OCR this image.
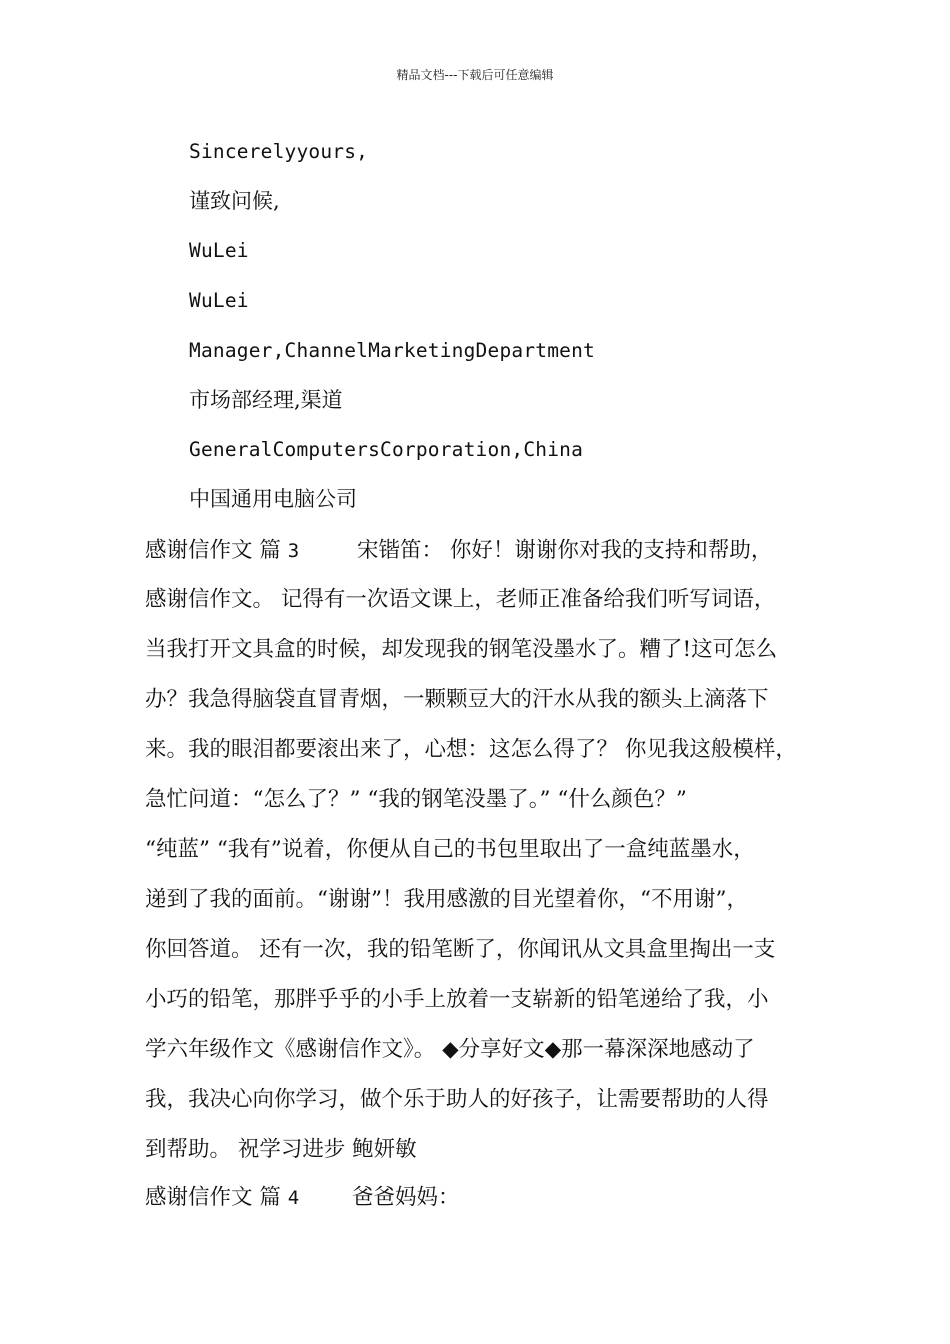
精品文档---下载后可任意编辑
Sincerelyyours,
谨致问候,
WuLei
WuLei
Manager,ChannelMarketingDepartment
市场部经理,渠道
GeneralComputersCorporation,China
中国通用电脑公司
感谢信作文 篇 3	宋锴笛： 你好！谢谢你对我的支持和帮助，
感谢信作文。 记得有一次语文课上，老师正准备给我们听写词语，
当我打开文具盒的时候，却发现我的钢笔没墨水了。糟了!这可怎么
办？我急得脑袋直冒青烟，一颗颗豆大的汗水从我的额头上滴落下
来。我的眼泪都要滚出来了，心想：这怎么得了？ 你见我这般模样，
急忙问道：“怎么了？” “我的钢笔没墨了。” “什么颜色？”
“纯蓝” “我有”说着，你便从自己的书包里取出了一盒纯蓝墨水，
递到了我的面前。“谢谢”！我用感激的目光望着你，“不用谢”，
你回答道。 还有一次，我的铅笔断了，你闻讯从文具盒里掏出一支
小巧的铅笔，那胖乎乎的小手上放着一支崭新的铅笔递给了我，小
学六年级作文《感谢信作文》。 ◆分享好文◆那一幕深深地感动了
我，我决心向你学习，做个乐于助人的好孩子，让需要帮助的人得
到帮助。 祝学习进步 鲍妍敏
感谢信作文 篇 4 爸爸妈妈：
